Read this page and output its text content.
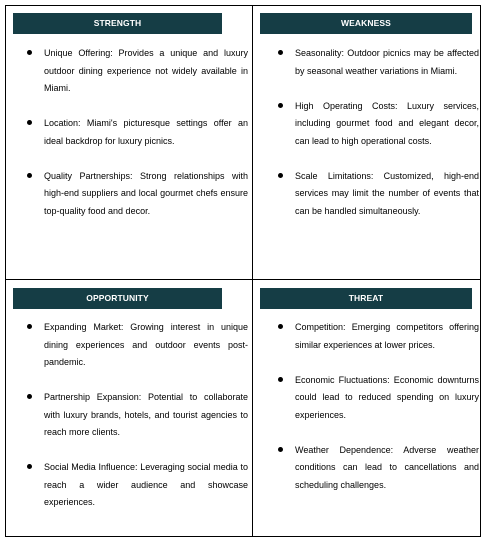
STRENGTH
Unique Offering: Provides a unique and luxury outdoor dining experience not widely available in Miami.
Location: Miami's picturesque settings offer an ideal backdrop for luxury picnics.
Quality Partnerships: Strong relationships with high-end suppliers and local gourmet chefs ensure top-quality food and decor.
WEAKNESS
Seasonality: Outdoor picnics may be affected by seasonal weather variations in Miami.
High Operating Costs: Luxury services, including gourmet food and elegant decor, can lead to high operational costs.
Scale Limitations: Customized, high-end services may limit the number of events that can be handled simultaneously.
OPPORTUNITY
Expanding Market: Growing interest in unique dining experiences and outdoor events post-pandemic.
Partnership Expansion: Potential to collaborate with luxury brands, hotels, and tourist agencies to reach more clients.
Social Media Influence: Leveraging social media to reach a wider audience and showcase experiences.
THREAT
Competition: Emerging competitors offering similar experiences at lower prices.
Economic Fluctuations: Economic downturns could lead to reduced spending on luxury experiences.
Weather Dependence: Adverse weather conditions can lead to cancellations and scheduling challenges.
